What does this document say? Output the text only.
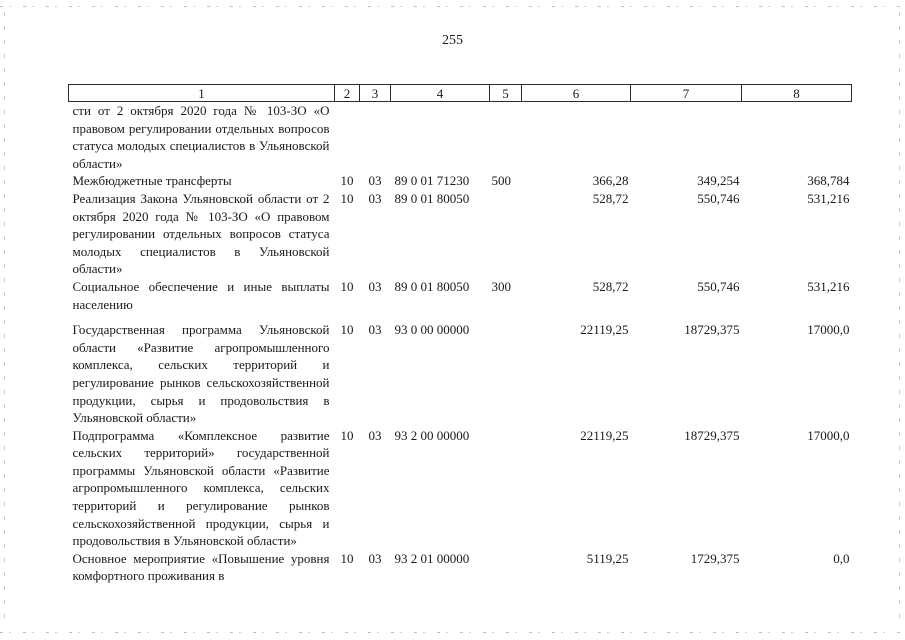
255
1	2	3	4	5	6	7	8
сти от 2 октября 2020 года № 103-ЗО «О правовом регулировании отдельных вопросов статуса молодых специалистов в Ульяновской области»							
Межбюджетные трансферты	10	03	89 0 01 71230	500	366,28	349,254	368,784
Реализация Закона Ульяновской области от 2 октября 2020 года № 103-ЗО «О правовом регулировании отдельных вопросов статуса молодых специалистов в Ульяновской области»	10	03	89 0 01 80050		528,72	550,746	531,216
Социальное обеспечение и иные выплаты населению	10	03	89 0 01 80050	300	528,72	550,746	531,216
Государственная программа Ульяновской области «Развитие агропромышленного комплекса, сельских территорий и регулирование рынков сельскохозяйственной продукции, сырья и продовольствия в Ульяновской области»	10	03	93 0 00 00000		22119,25	18729,375	17000,0
Подпрограмма «Комплексное развитие сельских территорий» государственной программы Ульяновской области «Развитие агропромышленного комплекса, сельских территорий и регулирование рынков сельскохозяйственной продукции, сырья и продовольствия в Ульяновской области»	10	03	93 2 00 00000		22119,25	18729,375	17000,0
Основное мероприятие «Повышение уровня комфортного проживания в	10	03	93 2 01 00000		5119,25	1729,375	0,0
